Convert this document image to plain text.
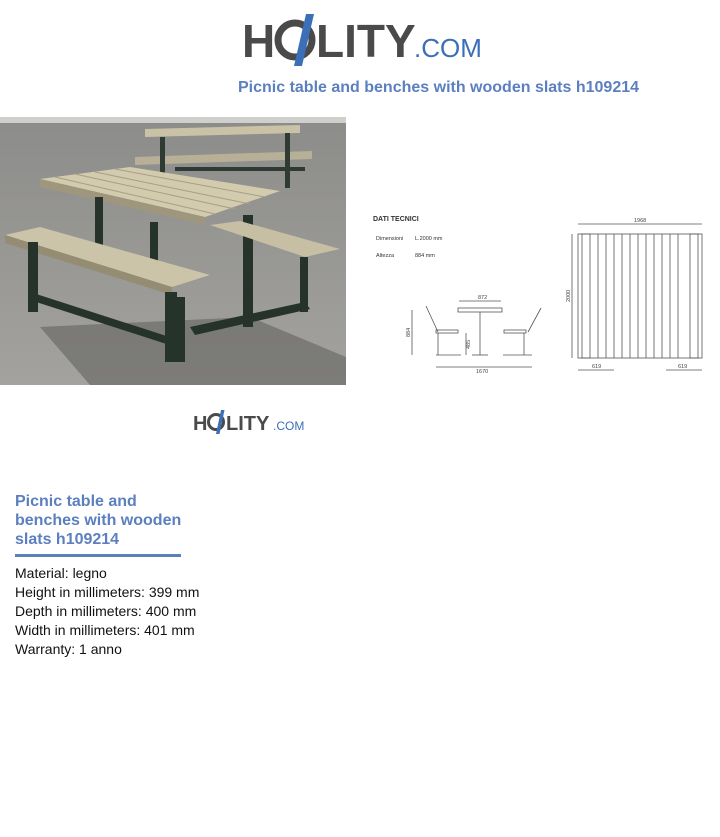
H LITY
.COM
Picnic table and benches with wooden slats h109214
DATI TECNICI
Dimensioni L.2000 mm
Altezza	884 mm
872
884
485
1670
1968
2000
619	619
H LITY .COM
Picnic table and benches with wooden slats h109214
Material: legno
Height in millimeters: 399 mm
Depth in millimeters: 400 mm
Width in millimeters: 401 mm
Warranty: 1 anno
